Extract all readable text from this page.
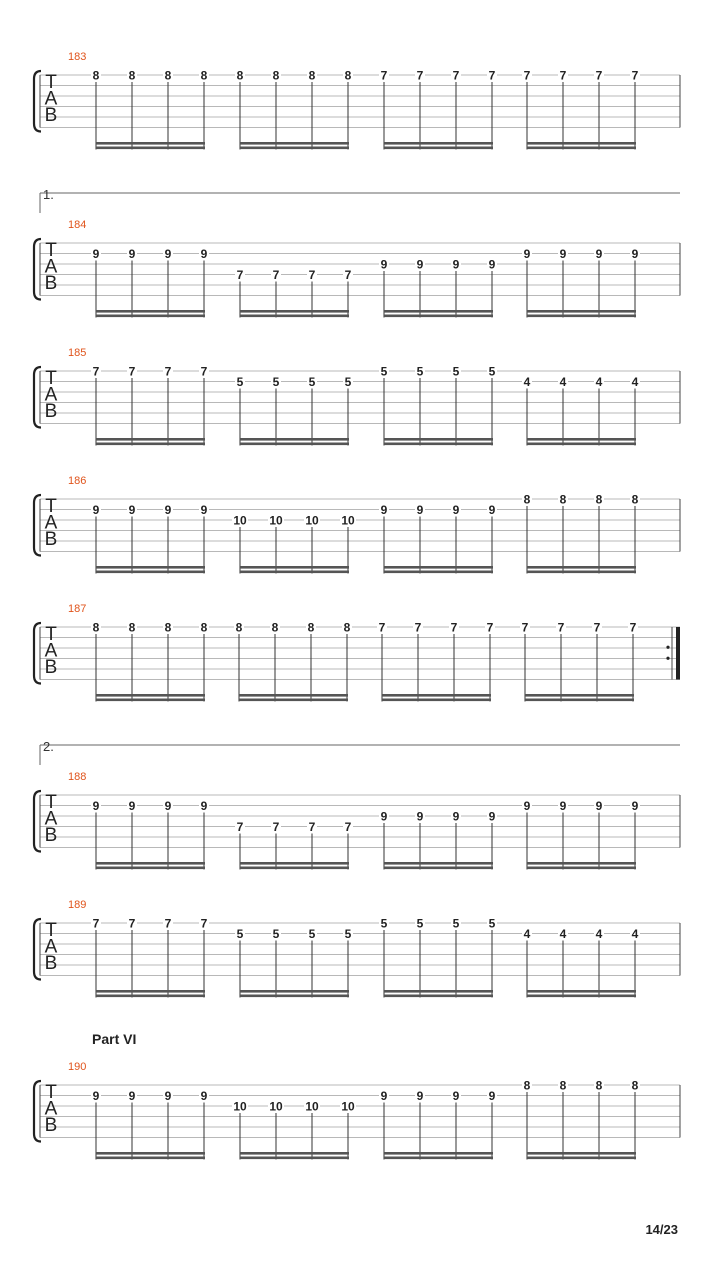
183
T
A
B
8 8 8 8 8 8 8 8 7 7 7 7 7 7 7 7
184
1.
T
A
B
9 9 9 9
7 7 7 7
9 9 9 9
9 9 9 9
185
T
A
B
7 7 7 7
5 5 5 5
5 5 5 5
4 4 4 4
186
T
A
B
9 9 9 9
10 10 10 10
9 9 9 9
8 8 8 8
187
T
A
B
8 8 8 8 8 8 8 8 7 7 7 7 7 7 7 7
188
2.
T
A
B
9 9 9 9
7 7 7 7
9 9 9 9
9 9 9 9
189
T
A
B
7 7 7 7
5 5 5 5
5 5 5 5
4 4 4 4
190
Part VI
T
A
B
9 9 9 9
10 10 10 10
9 9 9 9
8 8 8 8
14/23
